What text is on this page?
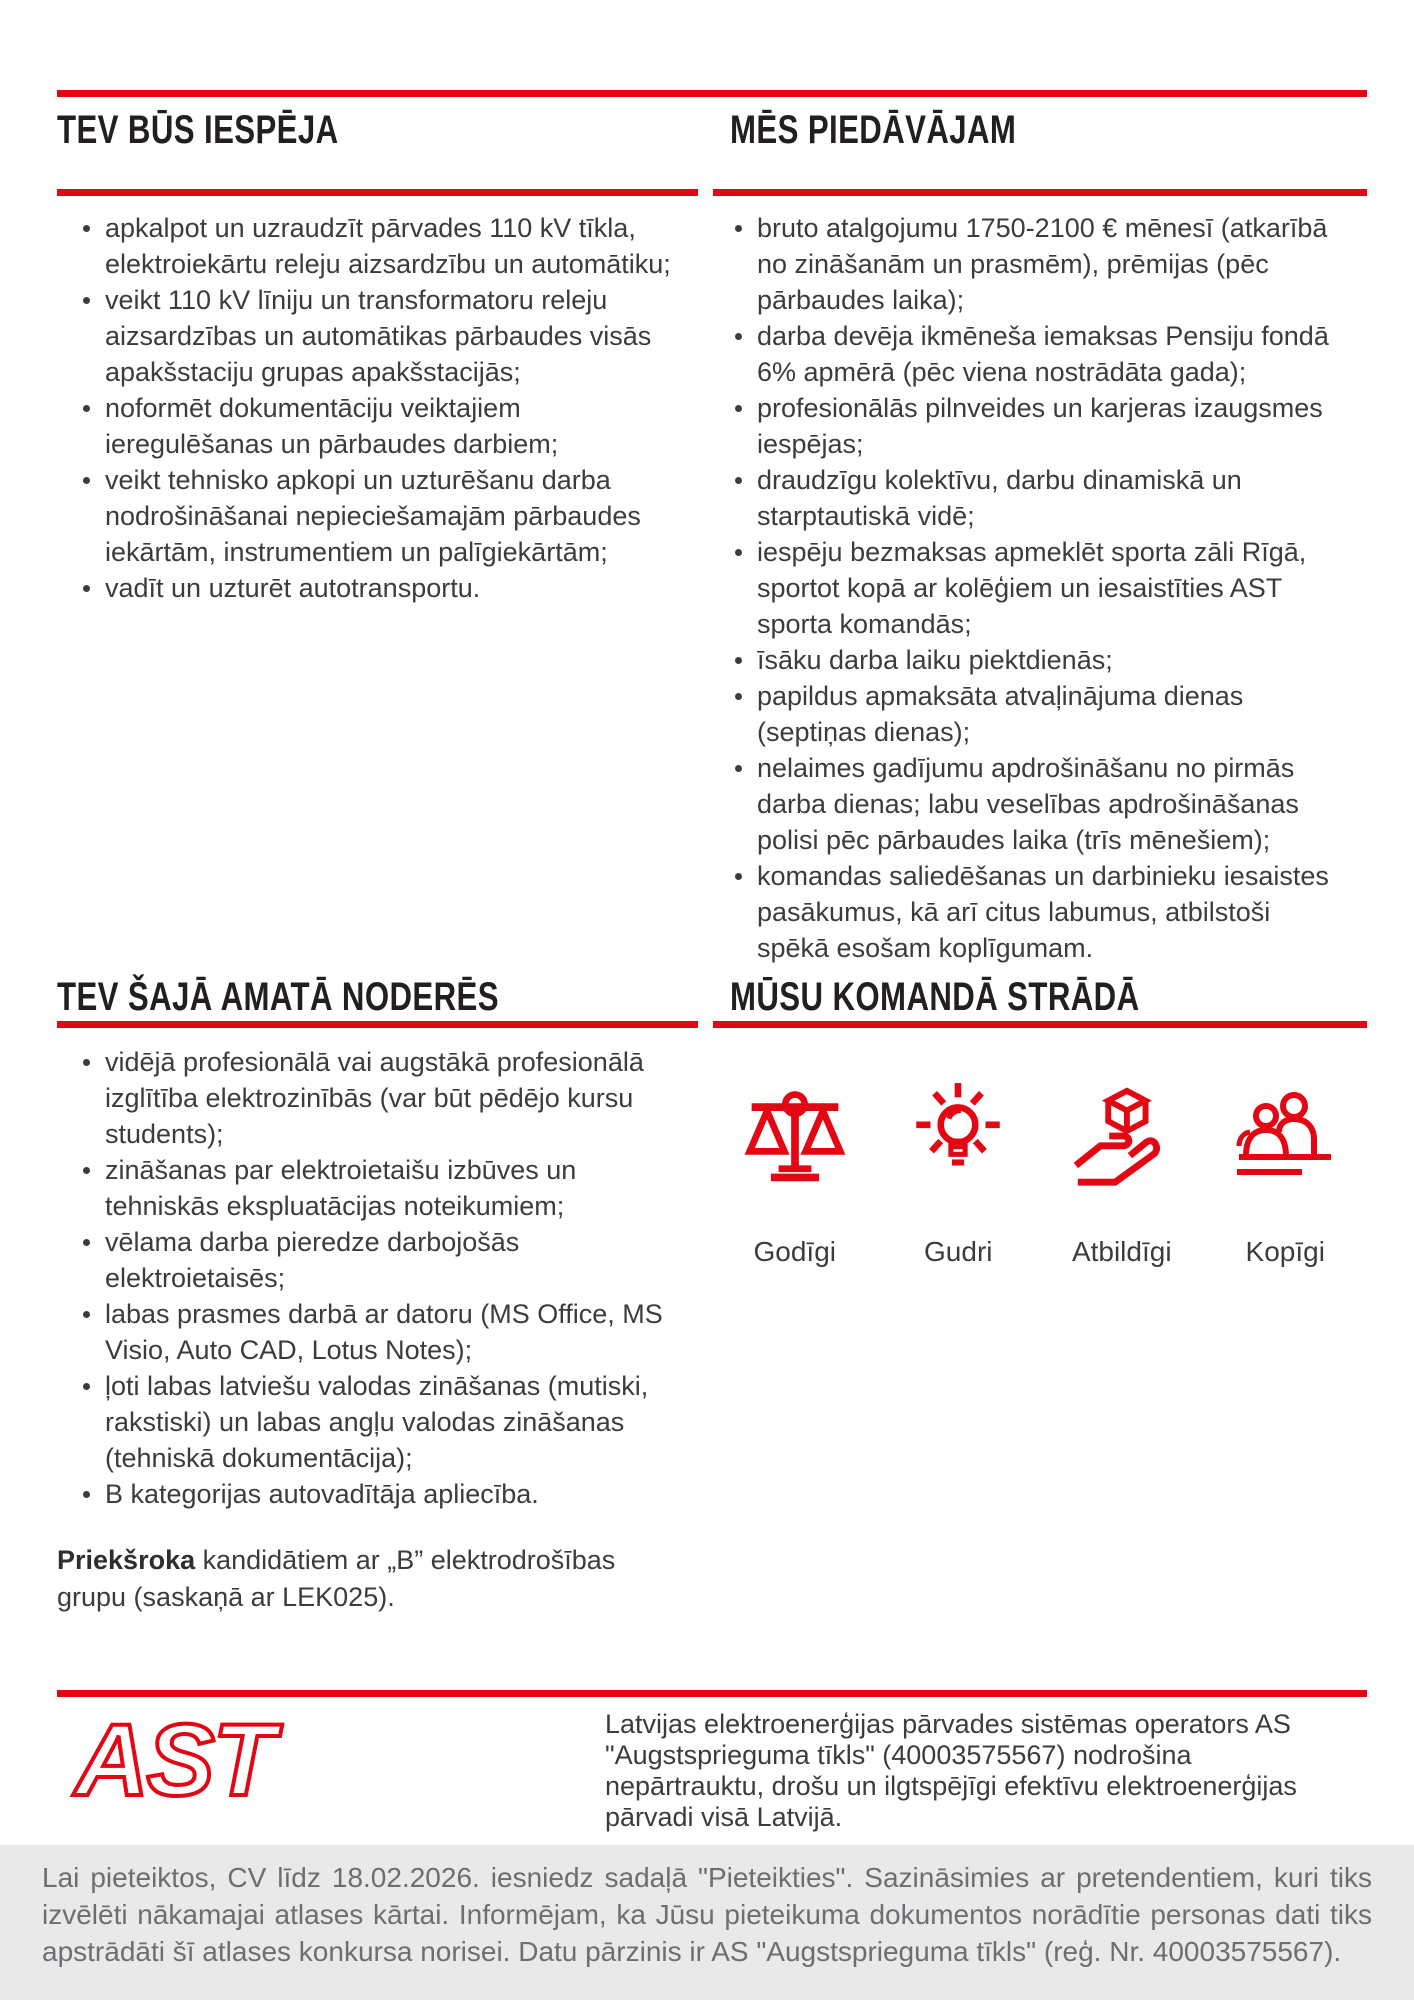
TEV BŪS IESPĒJA
apkalpot un uzraudzīt pārvades 110 kV tīkla, elektroiekārtu releju aizsardzību un automātiku;
veikt 110 kV līniju un transformatoru releju aizsardzības un automātikas pārbaudes visās apakšstaciju grupas apakšstacijās;
noformēt dokumentāciju veiktajiem ieregulēšanas un pārbaudes darbiem;
veikt tehnisko apkopi un uzturēšanu darba nodrošināšanai nepieciešamajām pārbaudes iekārtām, instrumentiem un palīgiekārtām;
vadīt un uzturēt autotransportu.
MĒS PIEDĀVĀJAM
bruto atalgojumu 1750-2100 € mēnesī (atkarībā no zināšanām un prasmēm), prēmijas (pēc pārbaudes laika);
darba devēja ikmēneša iemaksas Pensiju fondā 6% apmērā (pēc viena nostrādāta gada);
profesionālās pilnveides un karjeras izaugsmes iespējas;
draudzīgu kolektīvu, darbu dinamiskā un starptautiskā vidē;
iespēju bezmaksas apmeklēt sporta zāli Rīgā, sportot kopā ar kolēģiem un iesaistīties AST sporta komandās;
īsāku darba laiku piektdienās;
papildus apmaksāta atvaļinājuma dienas (septiņas dienas);
nelaimes gadījumu apdrošināšanu no pirmās darba dienas; labu veselības apdrošināšanas polisi pēc pārbaudes laika (trīs mēnešiem);
komandas saliedēšanas un darbinieku iesaistes pasākumus, kā arī citus labumus, atbilstoši spēkā esošam koplīgumam.
TEV ŠAJĀ AMATĀ NODERĒS
vidējā profesionālā vai augstākā profesionālā izglītība elektrozinībās (var būt pēdējo kursu students);
zināšanas par elektroietaišu izbūves un tehniskās ekspluatācijas noteikumiem;
vēlama darba pieredze darbojošās elektroietaisēs;
labas prasmes darbā ar datoru (MS Office, MS Visio, Auto CAD, Lotus Notes);
ļoti labas latviešu valodas zināšanas (mutiski, rakstiski) un labas angļu valodas zināšanas (tehniskā dokumentācija);
B kategorijas autovadītāja apliecība.

Priekšroka kandidātiem ar „B” elektrodrošības grupu (saskaņā ar LEK025).

MŪSU KOMANDĀ STRĀDĀ
Godīgi	Gudri	Atbildīgi	Kopīgi
AST	Latvijas elektroenerģijas pārvades sistēmas operators AS "Augstsprieguma tīkls" (40003575567) nodrošina nepārtrauktu, drošu un ilgtspējīgi efektīvu elektroenerģijas pārvadi visā Latvijā.

Lai pieteiktos, CV līdz 18.02.2026. iesniedz sadaļā "Pieteikties". Sazināsimies ar pretendentiem, kuri tiks izvēlēti nākamajai atlases kārtai. Informējam, ka Jūsu pieteikuma dokumentos norādītie personas dati tiks apstrādāti šī atlases konkursa norisei. Datu pārzinis ir AS "Augstsprieguma tīkls" (reģ. Nr. 40003575567).
